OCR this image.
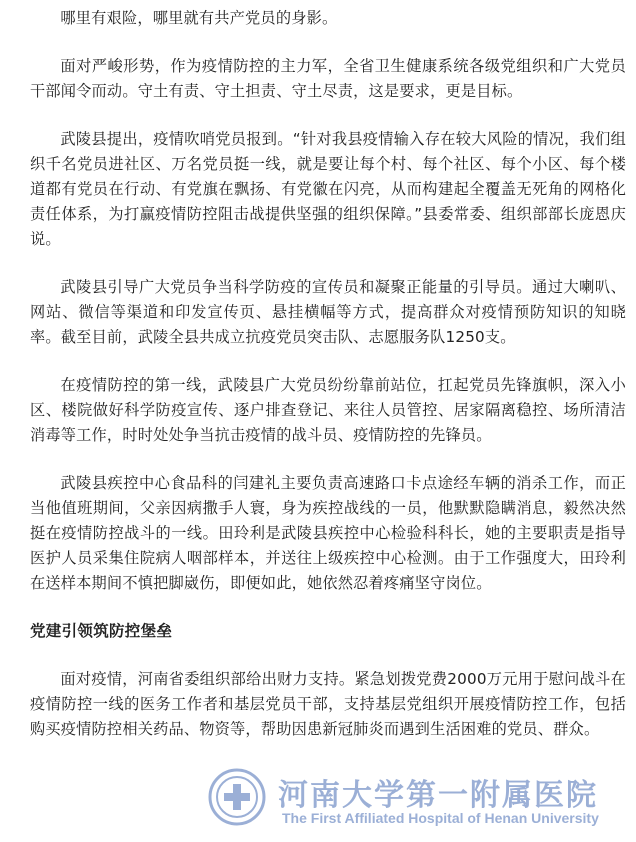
哪里有艰险，哪里就有共产党员的身影。

面对严峻形势，作为疫情防控的主力军，全省卫生健康系统各级党组织和广大党员干部闻令而动。守土有责、守土担责、守土尽责，这是要求，更是目标。

武陵县提出，疫情吹哨党员报到。“针对我县疫情输入存在较大风险的情况，我们组织千名党员进社区、万名党员挺一线，就是要让每个村、每个社区、每个小区、每个楼道都有党员在行动、有党旗在飘扬、有党徽在闪亮，从而构建起全覆盖无死角的网格化责任体系，为打赢疫情防控阻击战提供坚强的组织保障。”县委常委、组织部部长庞恩庆说。

武陵县引导广大党员争当科学防疫的宣传员和凝聚正能量的引导员。通过大喇叭、网站、微信等渠道和印发宣传页、悬挂横幅等方式，提高群众对疫情预防知识的知晓率。截至目前，武陵全县共成立抗疫党员突击队、志愿服务队1250支。

在疫情防控的第一线，武陵县广大党员纷纷靠前站位，扛起党员先锋旗帜，深入小区、楼院做好科学防疫宣传、逐户排查登记、来往人员管控、居家隔离稳控、场所清洁消毒等工作，时时处处争当抗击疫情的战斗员、疫情防控的先锋员。

武陵县疾控中心食品科的闫建礼主要负责高速路口卡点途经车辆的消杀工作，而正当他值班期间，父亲因病撒手人寰，身为疾控战线的一员，他默默隐瞒消息，毅然决然挺在疫情防控战斗的一线。田玲利是武陵县疾控中心检验科科长，她的主要职责是指导医护人员采集住院病人咽部样本，并送往上级疾控中心检测。由于工作强度大，田玲利在送样本期间不慎把脚崴伤，即便如此，她依然忍着疼痛坚守岗位。

党建引领筑防控堡垒

面对疫情，河南省委组织部给出财力支持。紧急划拨党费2000万元用于慰问战斗在疫情防控一线的医务工作者和基层党员干部，支持基层党组织开展疫情防控工作，包括购买疫情防控相关药品、物资等，帮助因患新冠肺炎而遇到生活困难的党员、群众。

河南大学第一附属医院
The First Affiliated Hospital of Henan University
